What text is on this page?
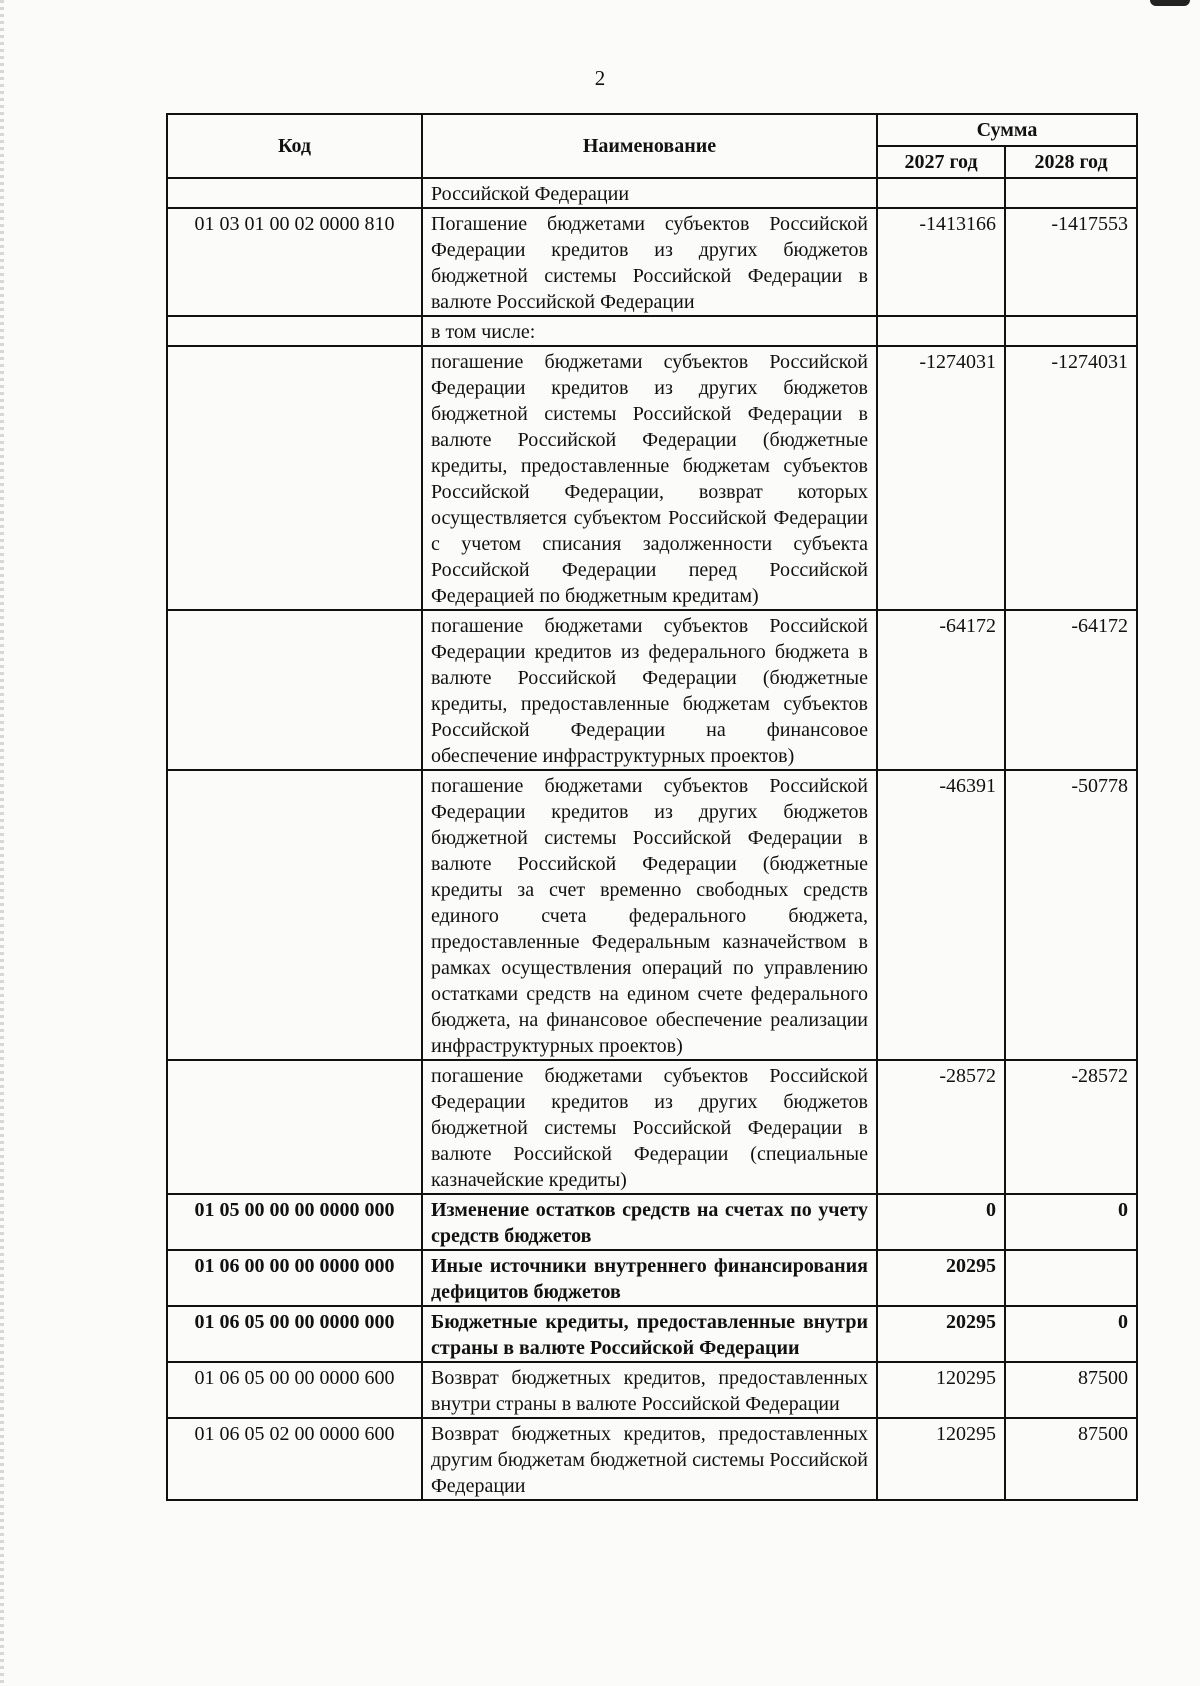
2
Код	Наименование	Сумма	
		2027 год	2028 год
	Российской Федерации		
01 03 01 00 02 0000 810	Погашение бюджетами субъектов Российской Федерации кредитов из других бюджетов бюджетной системы Российской Федерации в валюте Российской Федерации	-1413166	-1417553
	в том числе:		
	погашение бюджетами субъектов Российской Федерации кредитов из других бюджетов бюджетной системы Российской Федерации в валюте Российской Федерации (бюджетные кредиты, предоставленные бюджетам субъектов Российской Федерации, возврат которых осуществляется субъектом Российской Федерации с учетом списания задолженности субъекта Российской Федерации перед Российской Федерацией по бюджетным кредитам)	-1274031	-1274031
	погашение бюджетами субъектов Российской Федерации кредитов из федерального бюджета в валюте Российской Федерации (бюджетные кредиты, предоставленные бюджетам субъектов Российской Федерации на финансовое обеспечение инфраструктурных проектов)	-64172	-64172
	погашение бюджетами субъектов Российской Федерации кредитов из других бюджетов бюджетной системы Российской Федерации в валюте Российской Федерации (бюджетные кредиты за счет временно свободных средств единого счета федерального бюджета, предоставленные Федеральным казначейством в рамках осуществления операций по управлению остатками средств на едином счете федерального бюджета, на финансовое обеспечение реализации инфраструктурных проектов)	-46391	-50778
	погашение бюджетами субъектов Российской Федерации кредитов из других бюджетов бюджетной системы Российской Федерации в валюте Российской Федерации (специальные казначейские кредиты)	-28572	-28572
01 05 00 00 00 0000 000	Изменение остатков средств на счетах по учету средств бюджетов	0	0
01 06 00 00 00 0000 000	Иные источники внутреннего финансирования дефицитов бюджетов	20295	
01 06 05 00 00 0000 000	Бюджетные кредиты, предоставленные внутри страны в валюте Российской Федерации	20295	0
01 06 05 00 00 0000 600	Возврат бюджетных кредитов, предоставленных внутри страны в валюте Российской Федерации	120295	87500
01 06 05 02 00 0000 600	Возврат бюджетных кредитов, предоставленных другим бюджетам бюджетной системы Российской Федерации	120295	87500
